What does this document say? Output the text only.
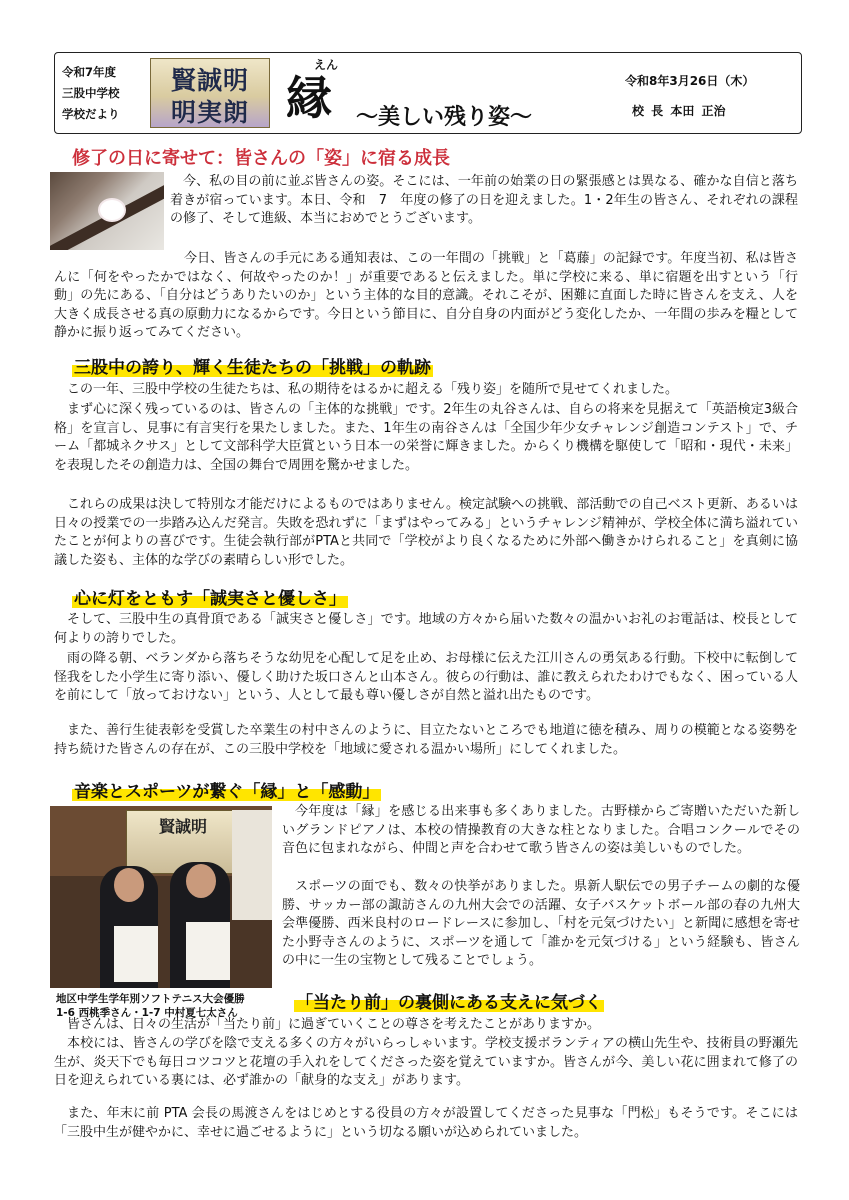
令和7年度
三股中学校
学校だより
賢誠明
明実朗
えん
縁 ～美しい残り姿～
令和8年3月26日（木）
校 長 本田 正治
修了の日に寄せて：皆さんの「姿」に宿る成長
今、私の目の前に並ぶ皆さんの姿。そこには、一年前の始業の日の緊張感とは異なる、確かな自信と落ち着きが宿っています。本日、令和　7　年度の修了の日を迎えました。1・2年生の皆さん、それぞれの課程の修了、そして進級、本当におめでとうございます。
今日、皆さんの手元にある通知表は、この一年間の「挑戦」と「葛藤」の記録です。年度当初、私は皆さんに「何をやったかではなく、何故やったのか！」が重要であると伝えました。単に学校に来る、単に宿題を出すという「行動」の先にある、「自分はどうありたいのか」という主体的な目的意識。それこそが、困難に直面した時に皆さんを支え、人を大きく成長させる真の原動力になるからです。今日という節目に、自分自身の内面がどう変化したか、一年間の歩みを糧として静かに振り返ってみてください。
三股中の誇り、輝く生徒たちの「挑戦」の軌跡
この一年、三股中学校の生徒たちは、私の期待をはるかに超える「残り姿」を随所で見せてくれました。
まず心に深く残っているのは、皆さんの「主体的な挑戦」です。2年生の丸谷さんは、自らの将来を見据えて「英語検定3級合格」を宣言し、見事に有言実行を果たしました。また、1年生の南谷さんは「全国少年少女チャレンジ創造コンテスト」で、チーム「都城ネクサス」として文部科学大臣賞という日本一の栄誉に輝きました。からくり機構を駆使して「昭和・現代・未来」を表現したその創造力は、全国の舞台で周囲を驚かせました。
これらの成果は決して特別な才能だけによるものではありません。検定試験への挑戦、部活動での自己ベスト更新、あるいは日々の授業での一歩踏み込んだ発言。失敗を恐れずに「まずはやってみる」というチャレンジ精神が、学校全体に満ち溢れていたことが何よりの喜びです。生徒会執行部がPTAと共同で「学校がより良くなるために外部へ働きかけられること」を真剣に協議した姿も、主体的な学びの素晴らしい形でした。
心に灯をともす「誠実さと優しさ」
そして、三股中生の真骨頂である「誠実さと優しさ」です。地域の方々から届いた数々の温かいお礼のお電話は、校長として何よりの誇りでした。
雨の降る朝、ベランダから落ちそうな幼児を心配して足を止め、お母様に伝えた江川さんの勇気ある行動。下校中に転倒して怪我をした小学生に寄り添い、優しく助けた坂口さんと山本さん。彼らの行動は、誰に教えられたわけでもなく、困っている人を前にして「放っておけない」という、人として最も尊い優しさが自然と溢れ出たものです。
また、善行生徒表彰を受賞した卒業生の村中さんのように、目立たないところでも地道に徳を積み、周りの模範となる姿勢を持ち続けた皆さんの存在が、この三股中学校を「地域に愛される温かい場所」にしてくれました。
音楽とスポーツが繋ぐ「縁」と「感動」
賢誠明
地区中学生学年別ソフトテニス大会優勝
1-6 西桃季さん・1-7 中村夏七太さん
今年度は「縁」を感じる出来事も多くありました。古野様からご寄贈いただいた新しいグランドピアノは、本校の情操教育の大きな柱となりました。合唱コンクールでその音色に包まれながら、仲間と声を合わせて歌う皆さんの姿は美しいものでした。
スポーツの面でも、数々の快挙がありました。県新人駅伝での男子チームの劇的な優勝、サッカー部の諏訪さんの九州大会での活躍、女子バスケットボール部の春の九州大会準優勝、西米良村のロードレースに参加し、「村を元気づけたい」と新聞に感想を寄せた小野寺さんのように、スポーツを通して「誰かを元気づける」という経験も、皆さんの中に一生の宝物として残ることでしょう。
「当たり前」の裏側にある支えに気づく
皆さんは、日々の生活が「当たり前」に過ぎていくことの尊さを考えたことがありますか。
本校には、皆さんの学びを陰で支える多くの方々がいらっしゃいます。学校支援ボランティアの横山先生や、技術員の野瀬先生が、炎天下でも毎日コツコツと花壇の手入れをしてくださった姿を覚えていますか。皆さんが今、美しい花に囲まれて修了の日を迎えられている裏には、必ず誰かの「献身的な支え」があります。
また、年末に前 PTA 会長の馬渡さんをはじめとする役員の方々が設置してくださった見事な「門松」もそうです。そこには「三股中生が健やかに、幸せに過ごせるように」という切なる願いが込められていました。
